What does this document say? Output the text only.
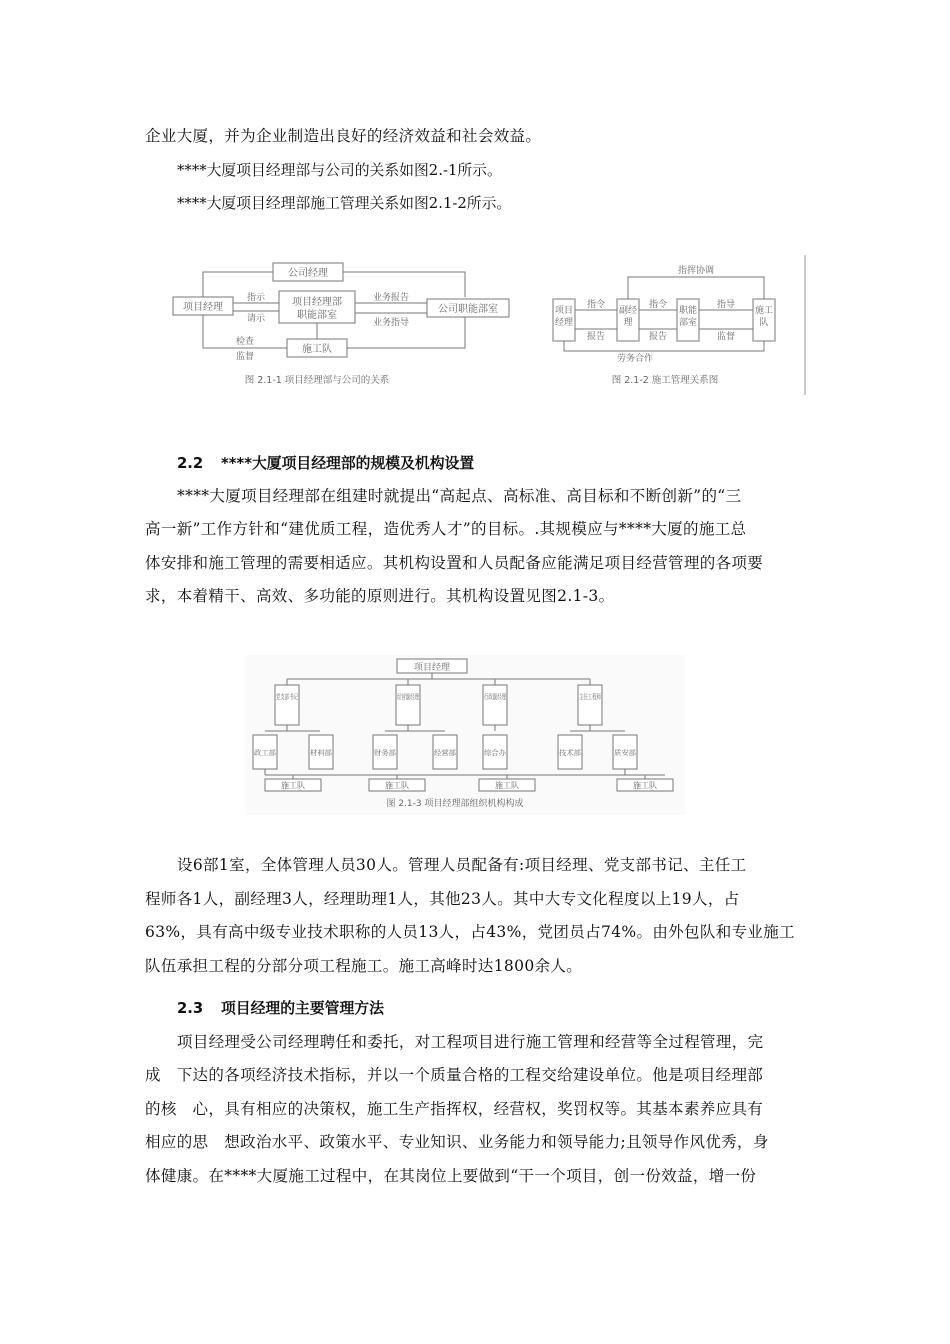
企业大厦，并为企业制造出良好的经济效益和社会效益。
****大厦项目经理部与公司的关系如图2.-1所示。
****大厦项目经理部施工管理关系如图2.1-2所示。
公司经理
项目经理	项目经理部
职能部室
公司职能部室
指示
请示
业务报告
业务指导
施工队
检查
监督
图 2.1-1 项目经理部与公司的关系
项目经理
副经理
职能部室
施工队
指令
报告
指令
报告
指导
监督
指挥协调
劳务合作
图 2.1-2 施工管理关系图
2.2 ****大厦项目经理部的规模及机构设置
****大厦项目经理部在组建时就提出“高起点、高标准、高目标和不断创新”的“三
高一新”工作方针和“建优质工程，造优秀人才”的目标。.其规模应与****大厦的施工总
体安排和施工管理的需要相适应。其机构设置和人员配备应能满足项目经营管理的各项要
求，本着精干、高效、多功能的原则进行。其机构设置见图2.1-3。
项目经理
党支部书记	经营副经理	行政副经理	主任工程师
政工部	材料部	财务部	经营部	综合办	技术部	质安部
施工队	施工队	施工队	施工队
图 2.1-3 项目经理部组织机构构成
设6部1室，全体管理人员30人。管理人员配备有:项目经理、党支部书记、主任工
程师各1人，副经理3人，经理助理1人，其他23人。其中大专文化程度以上19人，占
63%，具有高中级专业技术职称的人员13人，占43%，党团员占74%。由外包队和专业施工
队伍承担工程的分部分项工程施工。施工高峰时达1800余人。
2.3 项目经理的主要管理方法
项目经理受公司经理聘任和委托，对工程项目进行施工管理和经营等全过程管理，完
成　下达的各项经济技术指标，并以一个质量合格的工程交给建设单位。他是项目经理部
的核　心，具有相应的决策权，施工生产指挥权，经营权，奖罚权等。其基本素养应具有
相应的思　想政治水平、政策水平、专业知识、业务能力和领导能力;且领导作风优秀，身
体健康。在****大厦施工过程中，在其岗位上要做到“干一个项目，创一份效益，增一份
